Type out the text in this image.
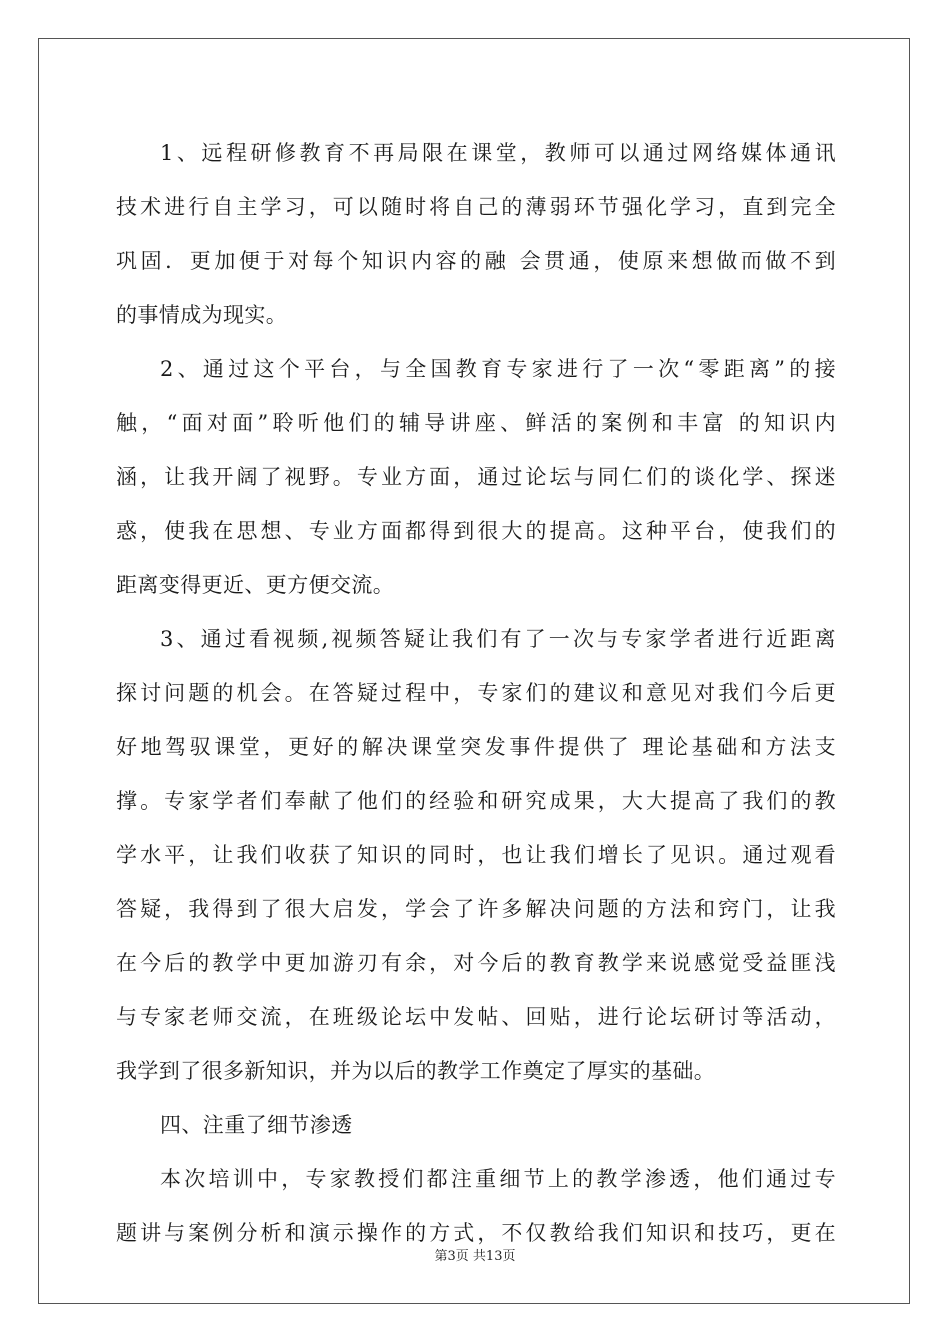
1、远程研修教育不再局限在课堂，教师可以通过网络媒体通讯
技术进行自主学习，可以随时将自己的薄弱环节强化学习，直到完全
巩固．更加便于对每个知识内容的融 会贯通，使原来想做而做不到
的事情成为现实。
2、通过这个平台，与全国教育专家进行了一次“零距离”的接
触，“面对面”聆听他们的辅导讲座、鲜活的案例和丰富 的知识内
涵，让我开阔了视野。专业方面，通过论坛与同仁们的谈化学、探迷
惑，使我在思想、专业方面都得到很大的提高。这种平台，使我们的
距离变得更近、更方便交流。
3、通过看视频,视频答疑让我们有了一次与专家学者进行近距离
探讨问题的机会。在答疑过程中，专家们的建议和意见对我们今后更
好地驾驭课堂，更好的解决课堂突发事件提供了 理论基础和方法支
撑。专家学者们奉献了他们的经验和研究成果，大大提高了我们的教
学水平，让我们收获了知识的同时，也让我们增长了见识。通过观看
答疑，我得到了很大启发，学会了许多解决问题的方法和窍门，让我
在今后的教学中更加游刃有余，对今后的教育教学来说感觉受益匪浅
与专家老师交流，在班级论坛中发帖、回贴，进行论坛研讨等活动，
我学到了很多新知识，并为以后的教学工作奠定了厚实的基础。
四、注重了细节渗透
本次培训中，专家教授们都注重细节上的教学渗透，他们通过专
题讲与案例分析和演示操作的方式，不仅教给我们知识和技巧，更在
第3页 共13页
